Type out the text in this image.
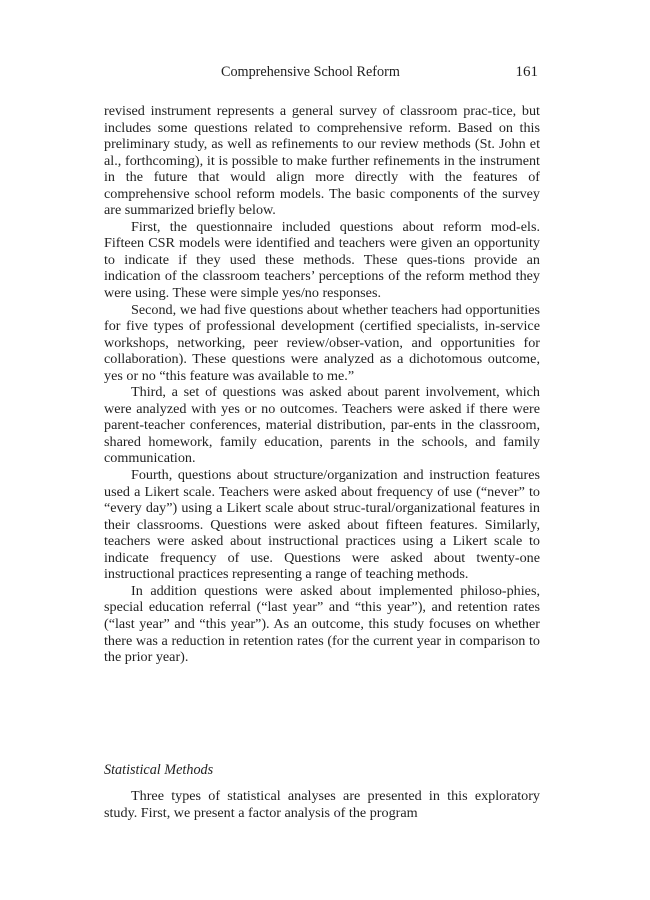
Comprehensive School Reform	161

revised instrument represents a general survey of classroom prac-tice, but includes some questions related to comprehensive reform. Based on this preliminary study, as well as refinements to our review methods (St. John et al., forthcoming), it is possible to make further refinements in the instrument in the future that would align more directly with the features of comprehensive school reform models. The basic components of the survey are summarized briefly below.

First, the questionnaire included questions about reform mod-els. Fifteen CSR models were identified and teachers were given an opportunity to indicate if they used these methods. These ques-tions provide an indication of the classroom teachers’ perceptions of the reform method they were using. These were simple yes/no responses.

Second, we had five questions about whether teachers had opportunities for five types of professional development (certified specialists, in-service workshops, networking, peer review/obser-vation, and opportunities for collaboration). These questions were analyzed as a dichotomous outcome, yes or no “this feature was available to me.”

Third, a set of questions was asked about parent involvement, which were analyzed with yes or no outcomes. Teachers were asked if there were parent-teacher conferences, material distribution, par-ents in the classroom, shared homework, family education, parents in the schools, and family communication.

Fourth, questions about structure/organization and instruction features used a Likert scale. Teachers were asked about frequency of use (“never” to “every day”) using a Likert scale about struc-tural/organizational features in their classrooms. Questions were asked about fifteen features. Similarly, teachers were asked about instructional practices using a Likert scale to indicate frequency of use. Questions were asked about twenty-one instructional practices representing a range of teaching methods.

In addition questions were asked about implemented philoso-phies, special education referral (“last year” and “this year”), and retention rates (“last year” and “this year”). As an outcome, this study focuses on whether there was a reduction in retention rates (for the current year in comparison to the prior year).

Statistical Methods

Three types of statistical analyses are presented in this exploratory study. First, we present a factor analysis of the program
